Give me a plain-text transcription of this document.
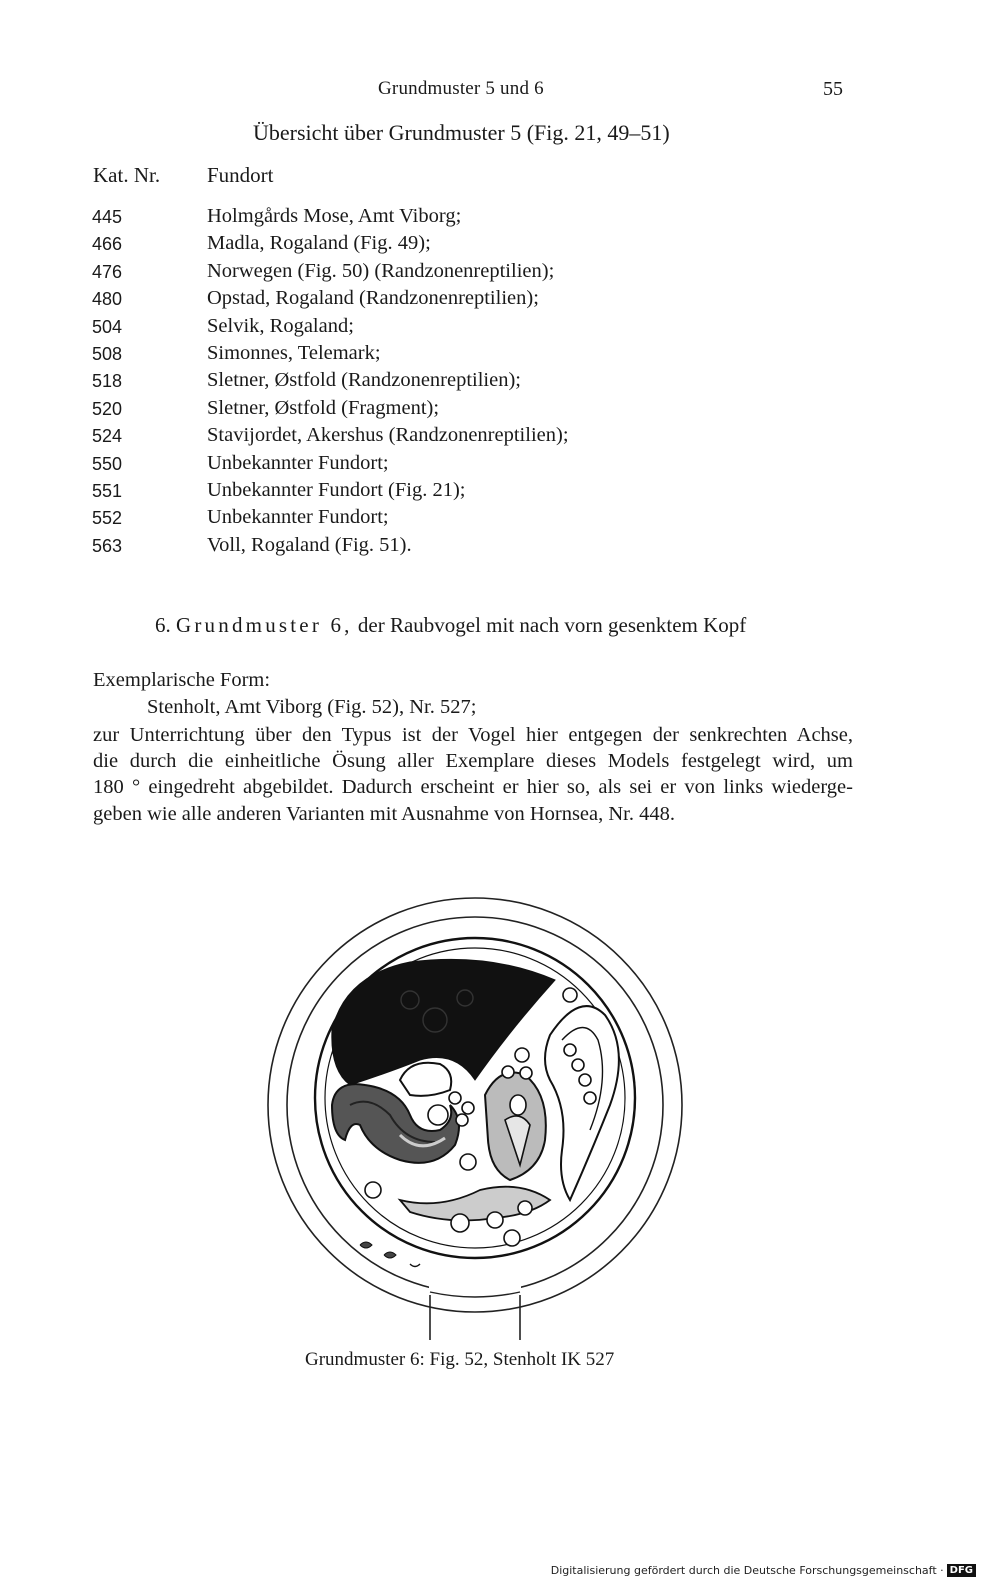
Grundmuster 5 und 6	55
Übersicht über Grundmuster 5 (Fig. 21, 49–51)
Kat. Nr. Fundort
445	Holmgårds Mose, Amt Viborg;
466	Madla, Rogaland (Fig. 49);
476	Norwegen (Fig. 50) (Randzonenreptilien);
480	Opstad, Rogaland (Randzonenreptilien);
504	Selvik, Rogaland;
508	Simonnes, Telemark;
518	Sletner, Østfold (Randzonenreptilien);
520	Sletner, Østfold (Fragment);
524	Stavijordet, Akershus (Randzonenreptilien);
550	Unbekannter Fundort;
551	Unbekannter Fundort (Fig. 21);
552	Unbekannter Fundort;
563	Voll, Rogaland (Fig. 51).
6. Grundmuster 6, der Raubvogel mit nach vorn gesenktem Kopf
Exemplarische Form:
Stenholt, Amt Viborg (Fig. 52), Nr. 527;
zur Unterrichtung über den Typus ist der Vogel hier entgegen der senkrechten Achse,
die durch die einheitliche Ösung aller Exemplare dieses Models festgelegt wird, um
180 ° eingedreht abgebildet. Dadurch erscheint er hier so, als sei er von links wiederge-
geben wie alle anderen Varianten mit Ausnahme von Hornsea, Nr. 448.
Grundmuster 6: Fig. 52, Stenholt IK 527
Digitalisierung gefördert durch die Deutsche Forschungsgemeinschaft · DFG
